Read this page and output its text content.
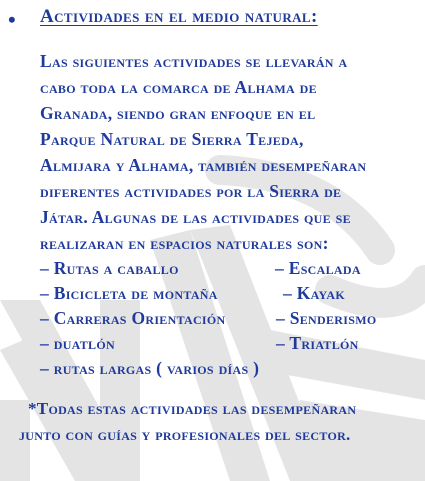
• Actividades en el medio natural:
Las siguientes actividades se llevarán a
cabo toda la comarca de Alhama de
Granada, siendo gran enfoque en el
Parque Natural de Sierra Tejeda,
Almijara y Alhama, también desempeñaran
diferentes actividades por la Sierra de
Játar. Algunas de las actividades que se
realizaran en espacios naturales son:
– Rutas a caballo
– Bicicleta de montaña
– Carreras Orientación
– duatlón
– rutas largas ( varios días )
– Escalada
– Kayak
– Senderismo
– Triatlón
*Todas estas actividades las desempeñaran
junto con guías y profesionales del sector.
